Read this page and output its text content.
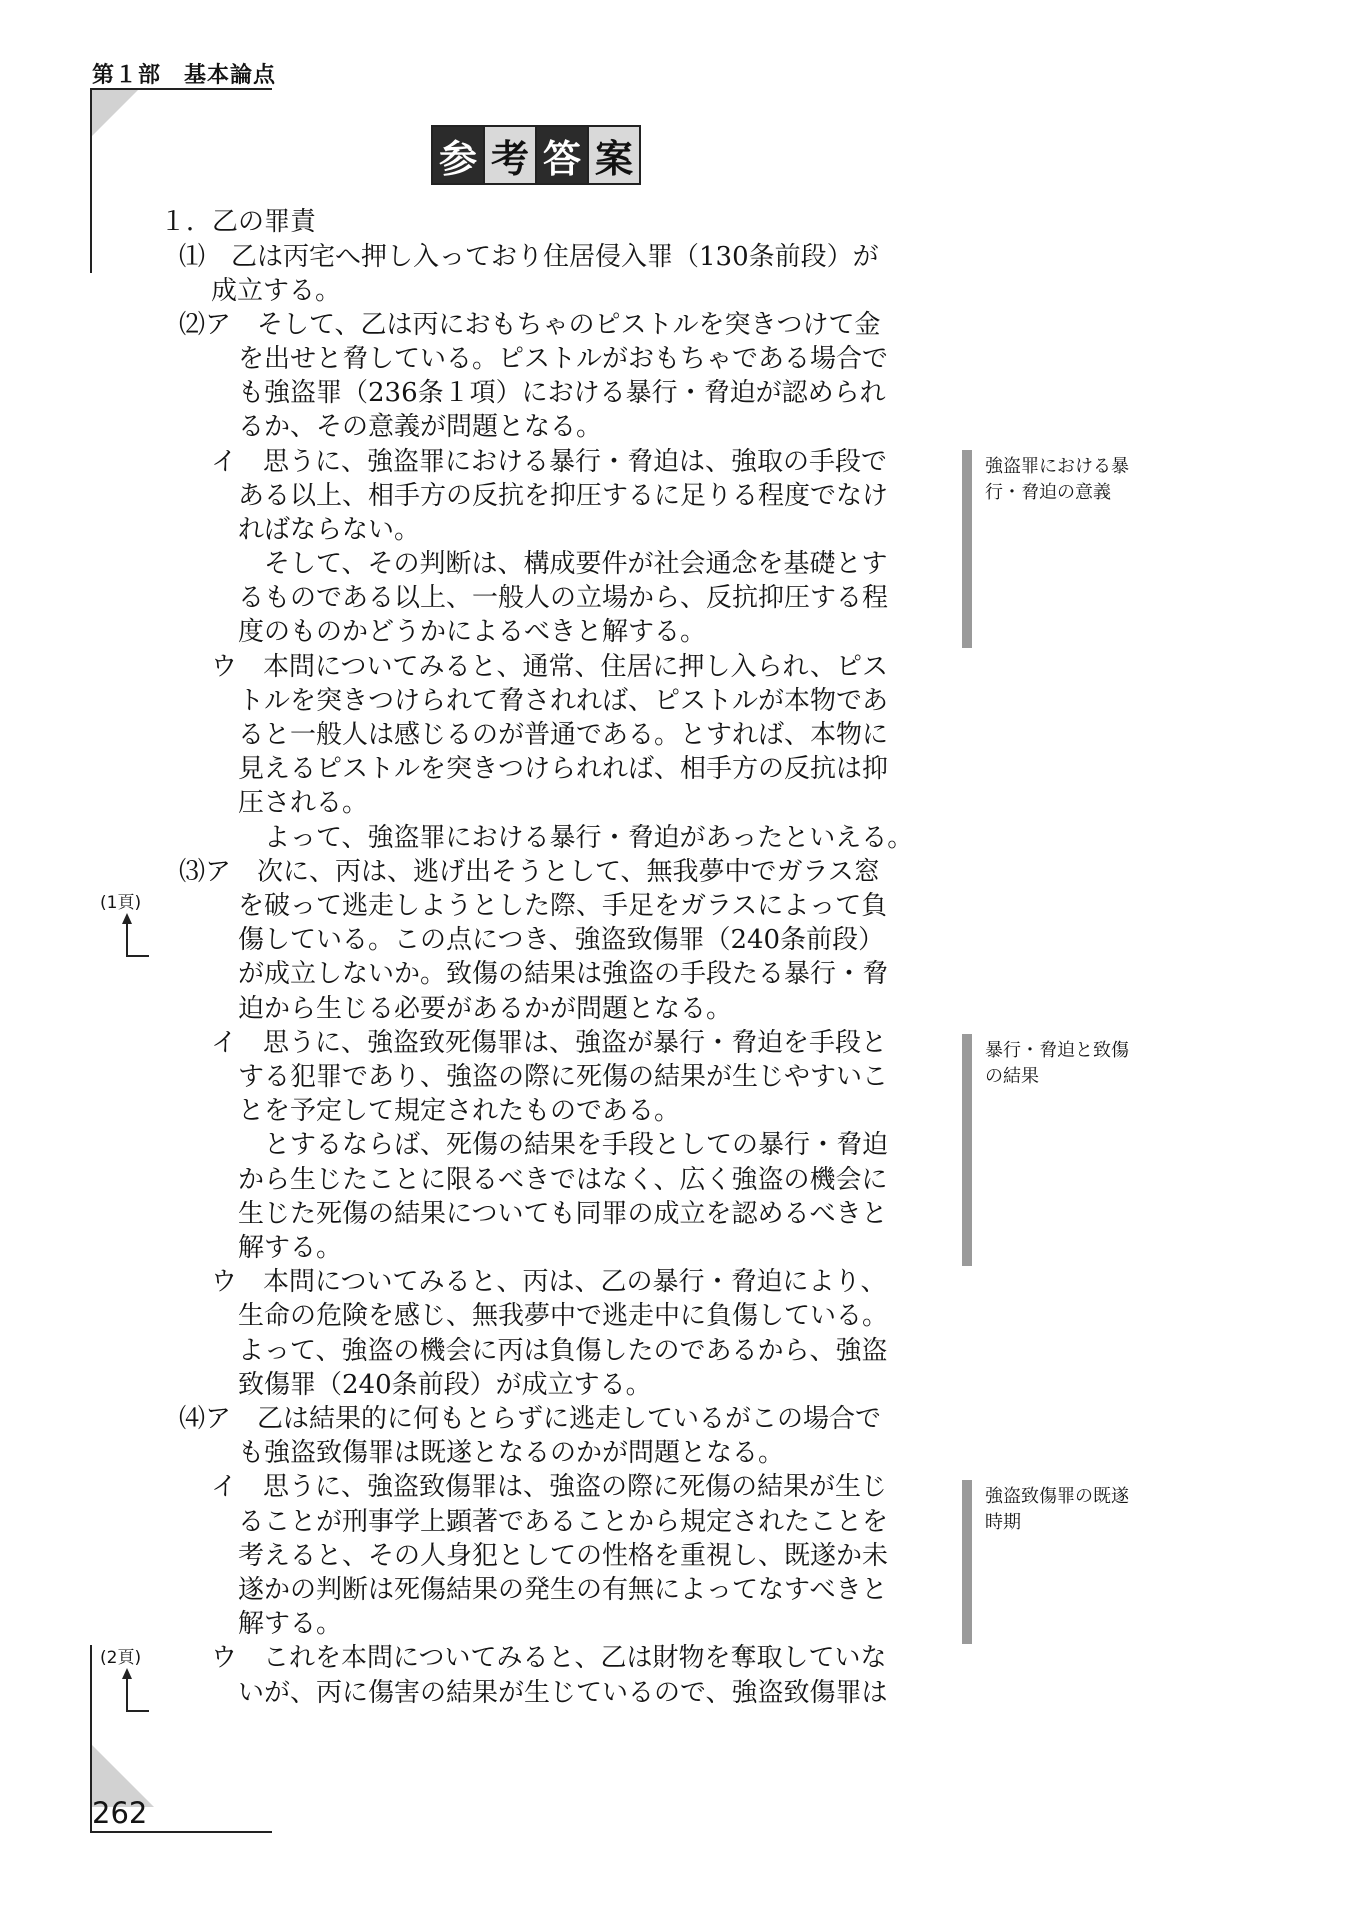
第１部　基本論点
参 考 答 案
１．乙の罪責
⑴　乙は丙宅へ押し入っており住居侵入罪（130条前段）が
成立する。
⑵ア　そして、乙は丙におもちゃのピストルを突きつけて金
を出せと脅している。ピストルがおもちゃである場合で
も強盗罪（236条１項）における暴行・脅迫が認められ
るか、その意義が問題となる。
イ　思うに、強盗罪における暴行・脅迫は、強取の手段で
ある以上、相手方の反抗を抑圧するに足りる程度でなけ
ればならない。
そして、その判断は、構成要件が社会通念を基礎とす
るものである以上、一般人の立場から、反抗抑圧する程
度のものかどうかによるべきと解する。
ウ　本問についてみると、通常、住居に押し入られ、ピス
トルを突きつけられて脅されれば、ピストルが本物であ
ると一般人は感じるのが普通である。とすれば、本物に
見えるピストルを突きつけられれば、相手方の反抗は抑
圧される。
よって、強盗罪における暴行・脅迫があったといえる。
⑶ア　次に、丙は、逃げ出そうとして、無我夢中でガラス窓
を破って逃走しようとした際、手足をガラスによって負
傷している。この点につき、強盗致傷罪（240条前段）
が成立しないか。致傷の結果は強盗の手段たる暴行・脅
迫から生じる必要があるかが問題となる。
イ　思うに、強盗致死傷罪は、強盗が暴行・脅迫を手段と
する犯罪であり、強盗の際に死傷の結果が生じやすいこ
とを予定して規定されたものである。
とするならば、死傷の結果を手段としての暴行・脅迫
から生じたことに限るべきではなく、広く強盗の機会に
生じた死傷の結果についても同罪の成立を認めるべきと
解する。
ウ　本問についてみると、丙は、乙の暴行・脅迫により、
生命の危険を感じ、無我夢中で逃走中に負傷している。
よって、強盗の機会に丙は負傷したのであるから、強盗
致傷罪（240条前段）が成立する。
⑷ア　乙は結果的に何もとらずに逃走しているがこの場合で
も強盗致傷罪は既遂となるのかが問題となる。
イ　思うに、強盗致傷罪は、強盗の際に死傷の結果が生じ
ることが刑事学上顕著であることから規定されたことを
考えると、その人身犯としての性格を重視し、既遂か未
遂かの判断は死傷結果の発生の有無によってなすべきと
解する。
ウ　これを本問についてみると、乙は財物を奪取していな
いが、丙に傷害の結果が生じているので、強盗致傷罪は
強盗罪における暴
行・脅迫の意義
暴行・脅迫と致傷
の結果
強盗致傷罪の既遂
時期
(1頁)
(2頁)
262
